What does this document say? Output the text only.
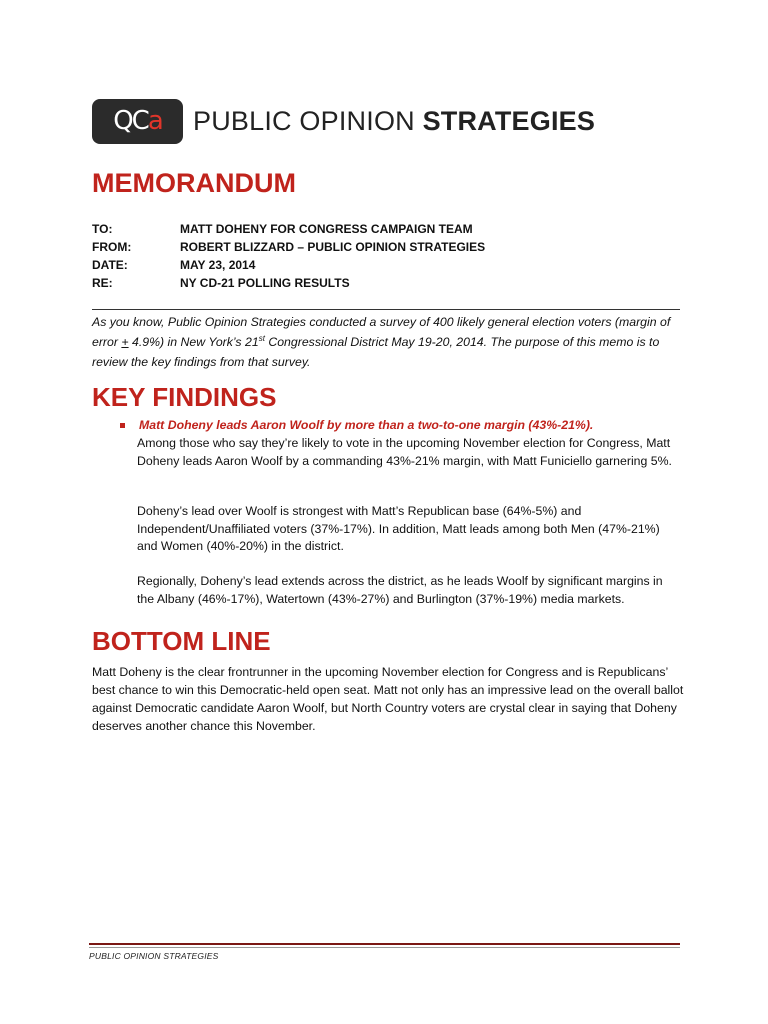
QC a PUBLIC OPINION STRATEGIES
MEMORANDUM
TO:	MATT DOHENY FOR CONGRESS CAMPAIGN TEAM
FROM:	ROBERT BLIZZARD – PUBLIC OPINION STRATEGIES
DATE:	MAY 23, 2014
RE:	NY CD-21 POLLING RESULTS
As you know, Public Opinion Strategies conducted a survey of 400 likely general election voters (margin of error + 4.9%) in New York’s 21st Congressional District May 19-20, 2014. The purpose of this memo is to review the key findings from that survey.
KEY FINDINGS
Matt Doheny leads Aaron Woolf by more than a two-to-one margin (43%-21%).
Among those who say they’re likely to vote in the upcoming November election for Congress, Matt Doheny leads Aaron Woolf by a commanding 43%-21% margin, with Matt Funiciello garnering 5%.
Doheny’s lead over Woolf is strongest with Matt’s Republican base (64%-5%) and Independent/Unaffiliated voters (37%-17%). In addition, Matt leads among both Men (47%-21%) and Women (40%-20%) in the district.
Regionally, Doheny’s lead extends across the district, as he leads Woolf by significant margins in the Albany (46%-17%), Watertown (43%-27%) and Burlington (37%-19%) media markets.
BOTTOM LINE
Matt Doheny is the clear frontrunner in the upcoming November election for Congress and is Republicans’ best chance to win this Democratic-held open seat. Matt not only has an impressive lead on the overall ballot against Democratic candidate Aaron Woolf, but North Country voters are crystal clear in saying that Doheny deserves another chance this November.
PUBLIC OPINION STRATEGIES
